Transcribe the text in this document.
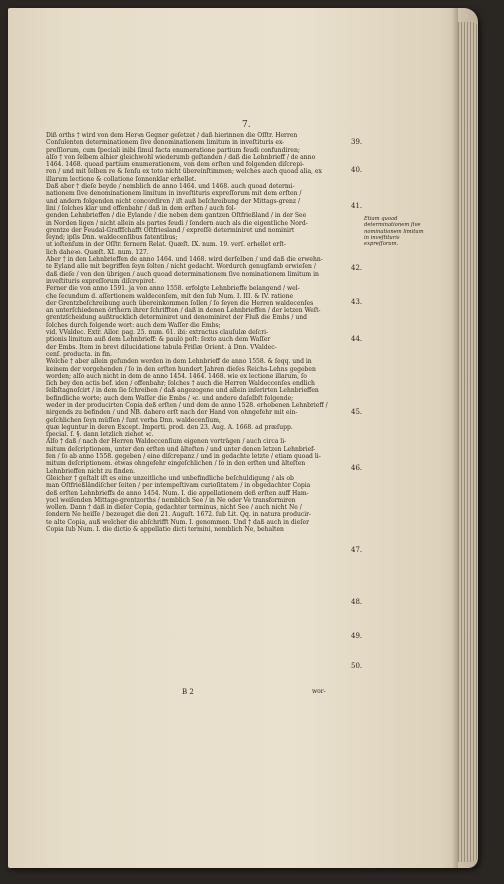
7.
Diß orths † wird von dem Herꝛn Gegner geſetzet / daß hierinnen die Oſſtr. Herren
Conſulenten determinationem ſive denominationem limitum in inveſtituris ex-
preſſiorum, cum ſpeciali inibi ſimul facta enumeratione partium feudi confundiren;
alſo † von ſelbem alhier gleichwohl wiederumb geſtanden / daß die Lehnbrieff / de anno
1464. 1468. quoad partium enumerationem, von dem erſten und folgenden diſcrepi-
ren / und mit ſelben re & ſenſu ex toto nicht übereinſtimmen; welches auch quoad alia, ex
illarum lectione & collatione ſonnenklar erhellet.
Daß aber † dieſe beyde / nemblich de anno 1464. und 1468. auch quoad determi-
nationem ſive denominationem limitum in inveſtituris expreſſorum mit dem erſten /
und andern folgenden nicht concordiren / iſt auß beſchreibung der Mittags-grenz /
lini / ſolches klar und offenbahr / daß in dem erſten / auch fol-
genden Lehnbrieffen / die Eylande / die neben dem gantzen Oſtfrießland / in der See
in Norden ligen / nicht allein als partes feudi / ſondern auch als die eigentliche Nord-
grentze der Feudal-Graffſchafft Oſtfriesland / expreſſè determiniret und nominirt
ſeynd; ipſis Dnn. waldecenſibus fatentibus;
ut ioſtenſum in der Oſſtr. fernern Relat. Quæſt. IX. num. 19. verſ. erhellet erſt-
lich daheꝛo. Quæſt. XI. num. 127.
Aber † in den Lehnbrieffen de anno 1464. und 1468. wird derſelben / und daß die erwehn-
te Eyland alle mit begriffen ſeyn ſolten / nicht gedacht. Wordurch genugſamb erwieſen /
daß dieſe / von den übrigen / auch quoad determinationem ſive nominationem limitum in
inveſtituris expreſſorum diſcrepiret.
Ferner die von anno 1591. ja von anno 1558. erfolgte Lehnbrieffe belangend / wel-
che ſecundum d. aſſertionem waldecenſem, mit den ſub Num. I. III. & IV. ratione
der Grentzbeſchreibung auch übereinkommen ſollen / ſo ſeyen die Herren waldecenſes
an unterſchiedenen örthern ihrer ſchrifften / daß in denen Lehnbrieffen / der letzen Weſt-
grentzſcheidung außtrucklich determiniret und denominiret der Fluß die Embs / und
ſolches durch folgende wort: auch dem Waſſer die Embs;
vid. VValdec. Extr. Allor. pag. 25. num. 61. ibi: extractus clauſulæ deſcri-
ptionis limitum auß dem Lehnbrieff: & paulò poſt: ſexto auch dem Waſſer
der Embs. Item in brevi dilucidatione tabula Friſiæ Orient. à Dnn. VValdec-
cenſ. producta. in fin.
Welche † aber allein gefunden werden in dem Lehnbrieff de anno 1558. & ſeqq. und in
keinem der vorgehenden / ſo in den erſten hundert Jahren dieſes Reichs-Lehns gegeben
worden; alſo auch nicht in dem de anno 1454. 1464. 1468. wie ex lectione illarum, ſo
ſich bey den actis bef. iden / offenbahr; ſolches † auch die Herren Waldeccenſes endlich
ſelbſtagnoſcirt / in dem ſie ſchreiben / daß angezogene und allein inſerirten Lehnbrieffen
befindliche worte; auch dem Waſſer die Embs / ꝛc. und andere daſelbſt folgende;
weder in der producirten Copia deß erſten / und dem de anno 1528. erhobenen Lehnbrieff /
nirgends zu befinden / und NB. dahero erſt nach der Hand von ohngefehr mit ein-
geſchlichen ſeyn müſſen / ſunt verba Dnn. waldecenſium,
quæ leguntur in deren Except. Imperti. prod. den 23. Aug. A. 1668. ad præſupp.
ſpecial. ſ. §. dann letzlich ziehet ꝛc.
Alſo † daß / nach der Herren Waldeccenſium eigenen vorträgen / auch circa li-
mitum deſcriptionem, unter den erſten und älteſten / und unter denen letzen Lehnbrief-
fen / ſo ab anno 1558. gegeben / eine diſcrepanz / und in gedachte letzte / etiam quoad li-
mitum deſcriptionem. etwas ohngefehr eingeſchlichen / ſo in den erſten und älteſten
Lehnbrieffen nicht zu finden.
Gleicher † geſtalt iſt es eine unzeitliche und unbefindliche beſchuldigung / als ob
man Oſtfrießländiſcher ſeiten / per intempeſtivam curioſitatem / in obgedachter Copia
deß erſten Lehnbrieffs de anno 1454. Num. I. die appellationem deß erſten auff Ham-
yocl weiſenden Mittage-grentzorths / nemblich See / in Ne oder Ve transformiren
wollen. Dann † daß in dieſer Copia, gedachter terminus, nicht See / auch nicht Ne /
ſondern Ne heiſſe / bezeuget die den 21. Auguſt. 1672. ſub Lit. Qq. in natura producir-
te alte Copia, auß welcher die abſchrifft Num. I. genommen. Und † daß auch in dieſer
Copia ſub Num. I. die dictio & appellatio dicti termini, nemblich Ne, behalten
39.
40.
41.
42.
43.
44.
45.
46.
47.
48.
49.
50.
Etiam quoad determinationem ſive nominationem limitum in inveſtituris expreſſorum.
B 2	wor-
